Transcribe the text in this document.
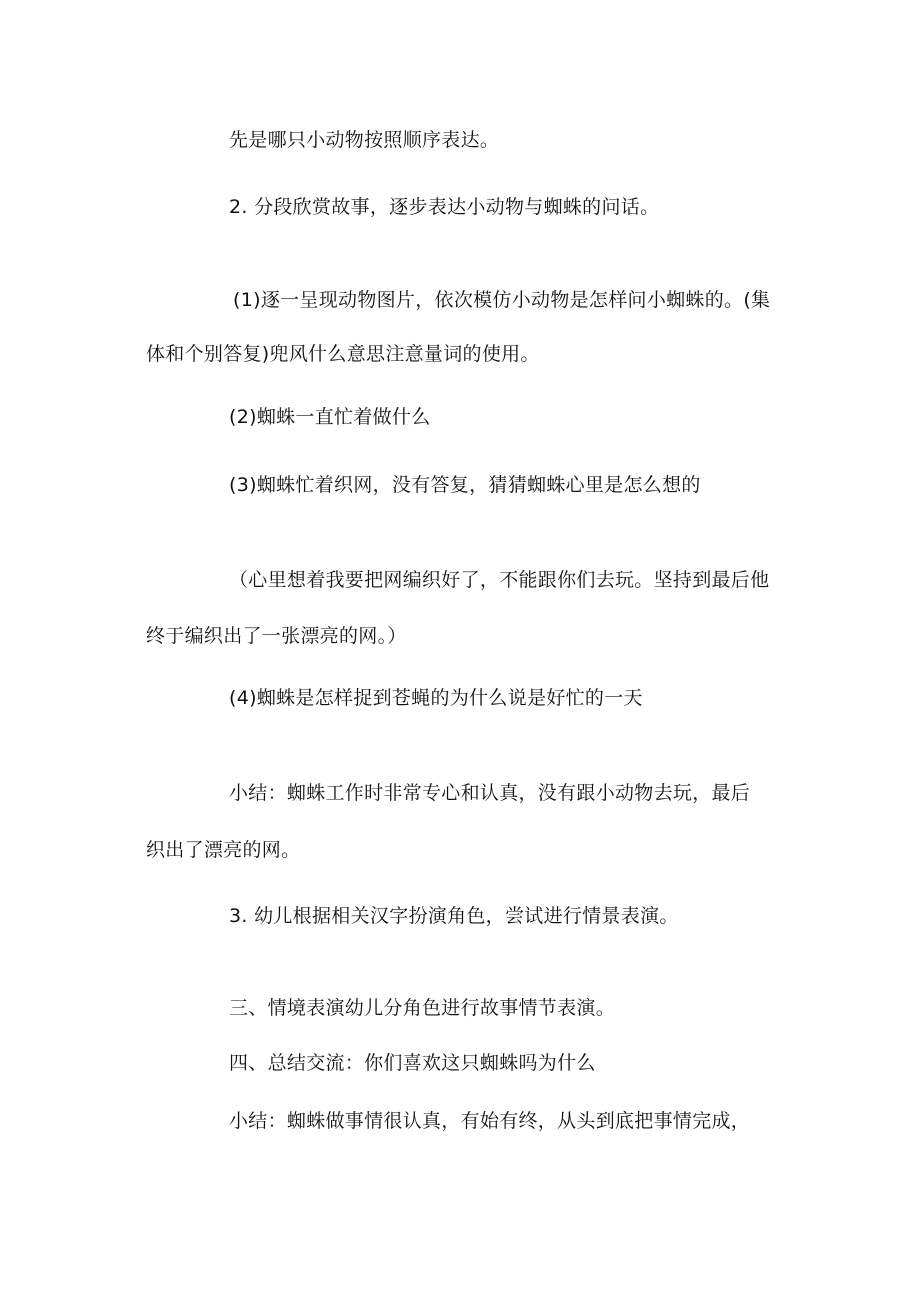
先是哪只小动物按照顺序表达。

2. 分段欣赏故事，逐步表达小动物与蜘蛛的问话。

(1)逐一呈现动物图片，依次模仿小动物是怎样问小蜘蛛的。(集

体和个别答复)兜风什么意思注意量词的使用。

(2)蜘蛛一直忙着做什么

(3)蜘蛛忙着织网，没有答复，猜猜蜘蛛心里是怎么想的

（心里想着我要把网编织好了，不能跟你们去玩。坚持到最后他

终于编织出了一张漂亮的网。）

(4)蜘蛛是怎样捉到苍蝇的为什么说是好忙的一天

小结：蜘蛛工作时非常专心和认真，没有跟小动物去玩，最后

织出了漂亮的网。

3. 幼儿根据相关汉字扮演角色，尝试进行情景表演。

三、情境表演幼儿分角色进行故事情节表演。

四、总结交流：你们喜欢这只蜘蛛吗为什么

小结：蜘蛛做事情很认真，有始有终，从头到底把事情完成，
